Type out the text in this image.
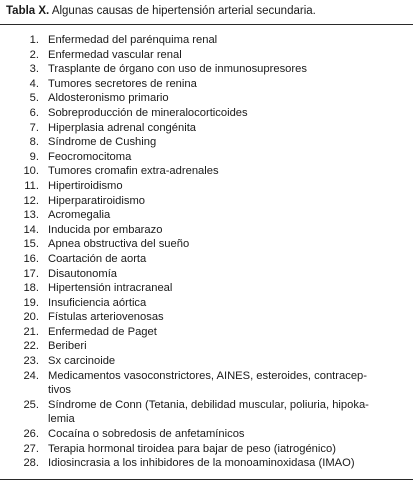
Tabla X. Algunas causas de hipertensión arterial secundaria.
1. Enfermedad del parénquima renal
2. Enfermedad vascular renal
3. Trasplante de órgano con uso de inmunosupresores
4. Tumores secretores de renina
5. Aldosteronismo primario
6. Sobreproducción de mineralocorticoides
7. Hiperplasia adrenal congénita
8. Síndrome de Cushing
9. Feocromocitoma
10. Tumores cromafin extra-adrenales
11. Hipertiroidismo
12. Hiperparatiroidismo
13. Acromegalia
14. Inducida por embarazo
15. Apnea obstructiva del sueño
16. Coartación de aorta
17. Disautonomía
18. Hipertensión intracraneal
19. Insuficiencia aórtica
20. Fístulas arteriovenosas
21. Enfermedad de Paget
22. Beriberi
23. Sx carcinoide
24. Medicamentos vasoconstrictores, AINES, esteroides, contracep-
tivos
25. Síndrome de Conn (Tetania, debilidad muscular, poliuria, hipoka-
lemia
26. Cocaína o sobredosis de anfetamínicos
27. Terapia hormonal tiroidea para bajar de peso (iatrogénico)
28. Idiosincrasia a los inhibidores de la monoaminoxidasa (IMAO)
